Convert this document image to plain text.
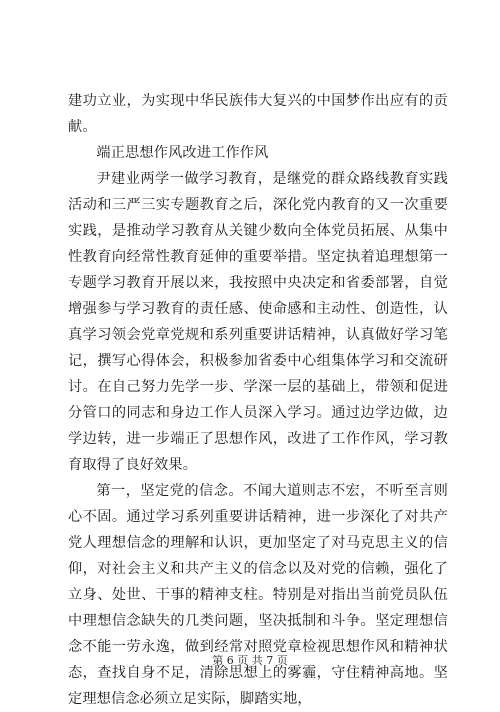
建功立业，为实现中华民族伟大复兴的中国梦作出应有的贡献。

端正思想作风改进工作作风

尹建业两学一做学习教育，是继党的群众路线教育实践活动和三严三实专题教育之后，深化党内教育的又一次重要实践，是推动学习教育从关键少数向全体党员拓展、从集中性教育向经常性教育延伸的重要举措。坚定执着追理想第一专题学习教育开展以来，我按照中央决定和省委部署，自觉增强参与学习教育的责任感、使命感和主动性、创造性，认真学习领会党章党规和系列重要讲话精神，认真做好学习笔记，撰写心得体会，积极参加省委中心组集体学习和交流研讨。在自己努力先学一步、学深一层的基础上，带领和促进分管口的同志和身边工作人员深入学习。通过边学边做，边学边转，进一步端正了思想作风，改进了工作作风，学习教育取得了良好效果。

第一，坚定党的信念。不闻大道则志不宏，不听至言则心不固。通过学习系列重要讲话精神，进一步深化了对共产党人理想信念的理解和认识，更加坚定了对马克思主义的信仰，对社会主义和共产主义的信念以及对党的信赖，强化了立身、处世、干事的精神支柱。特别是对指出当前党员队伍中理想信念缺失的几类问题，坚决抵制和斗争。坚定理想信念不能一劳永逸，做到经常对照党章检视思想作风和精神状态，查找自身不足，清除思想上的雾霾，守住精神高地。坚定理想信念必须立足实际，脚踏实地，

第 6 页 共 7 页
